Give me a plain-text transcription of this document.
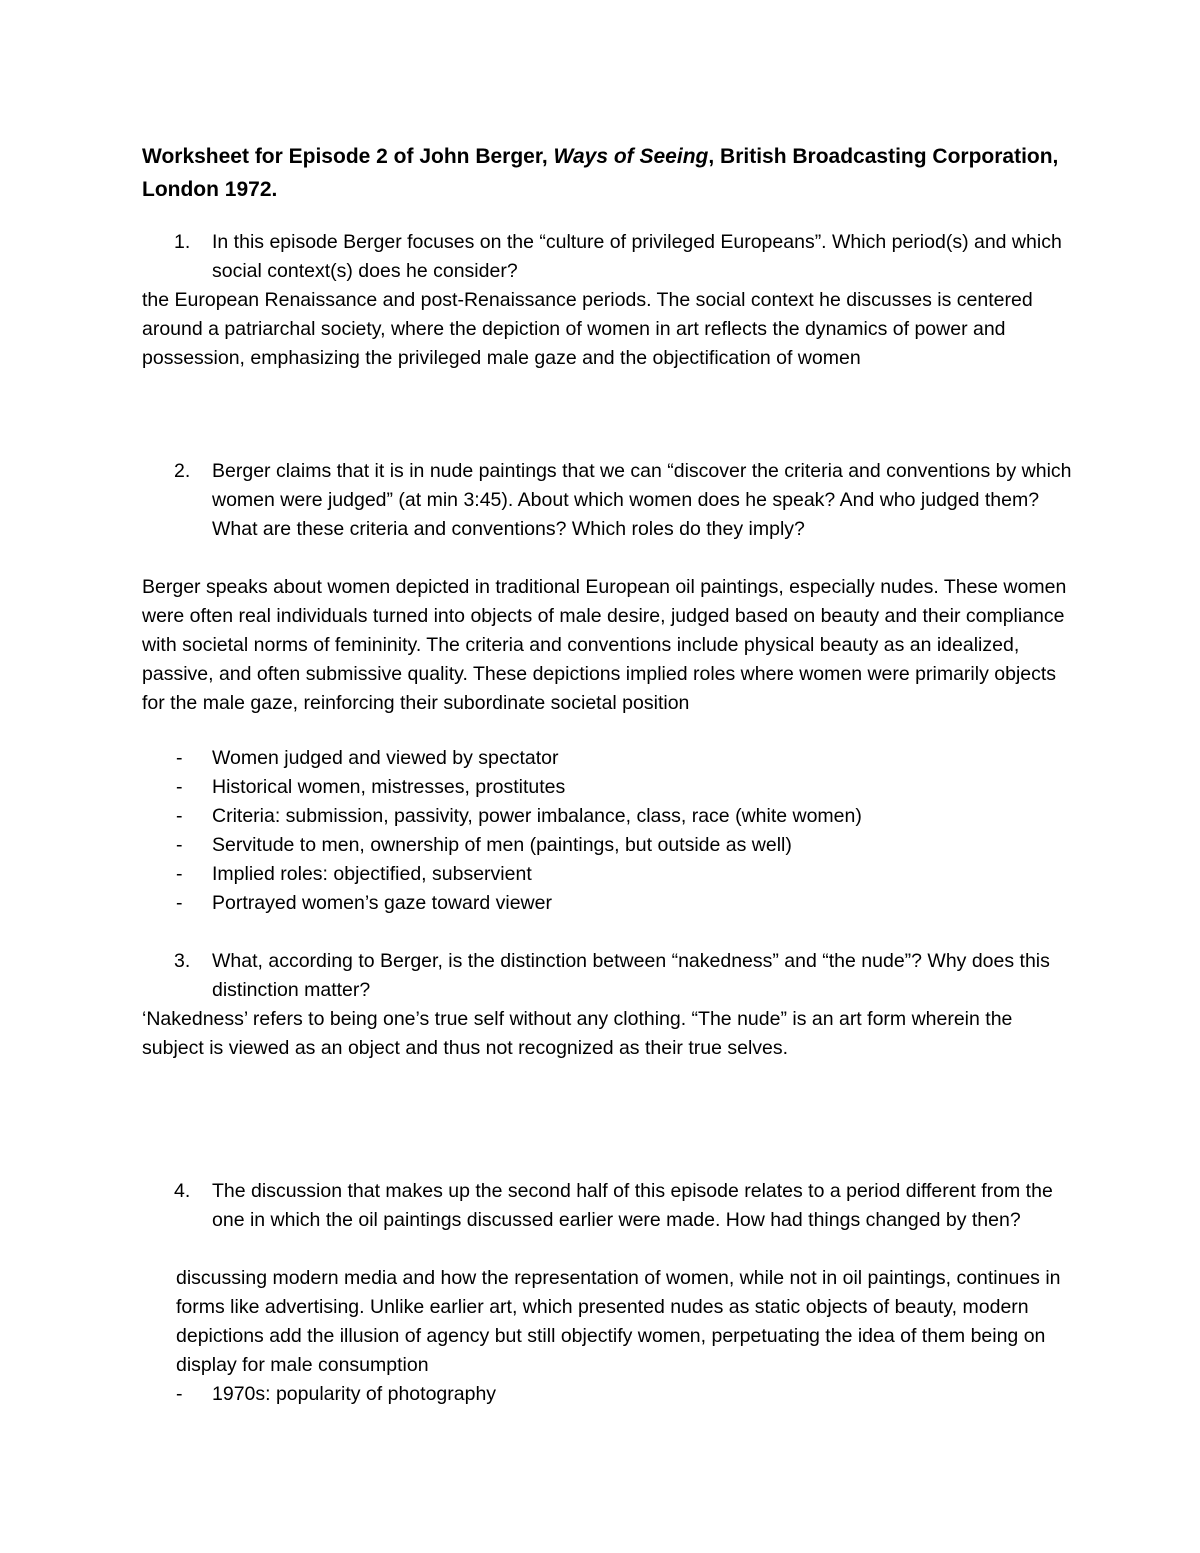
Worksheet for Episode 2 of John Berger, Ways of Seeing, British Broadcasting Corporation, London 1972.
1. In this episode Berger focuses on the “culture of privileged Europeans”. Which period(s) and which social context(s) does he consider?
the European Renaissance and post-Renaissance periods. The social context he discusses is centered around a patriarchal society, where the depiction of women in art reflects the dynamics of power and possession, emphasizing the privileged male gaze and the objectification of women
2. Berger claims that it is in nude paintings that we can “discover the criteria and conventions by which women were judged” (at min 3:45). About which women does he speak? And who judged them? What are these criteria and conventions? Which roles do they imply?
Berger speaks about women depicted in traditional European oil paintings, especially nudes. These women were often real individuals turned into objects of male desire, judged based on beauty and their compliance with societal norms of femininity. The criteria and conventions include physical beauty as an idealized, passive, and often submissive quality. These depictions implied roles where women were primarily objects for the male gaze, reinforcing their subordinate societal position
- Women judged and viewed by spectator
- Historical women, mistresses, prostitutes
- Criteria: submission, passivity, power imbalance, class, race (white women)
- Servitude to men, ownership of men (paintings, but outside as well)
- Implied roles: objectified, subservient
- Portrayed women’s gaze toward viewer
3. What, according to Berger, is the distinction between “nakedness” and “the nude”? Why does this distinction matter?
‘Nakedness’ refers to being one’s true self without any clothing. “The nude” is an art form wherein the subject is viewed as an object and thus not recognized as their true selves.
4. The discussion that makes up the second half of this episode relates to a period different from the one in which the oil paintings discussed earlier were made. How had things changed by then?
discussing modern media and how the representation of women, while not in oil paintings, continues in forms like advertising. Unlike earlier art, which presented nudes as static objects of beauty, modern depictions add the illusion of agency but still objectify women, perpetuating the idea of them being on display for male consumption
- 1970s: popularity of photography
